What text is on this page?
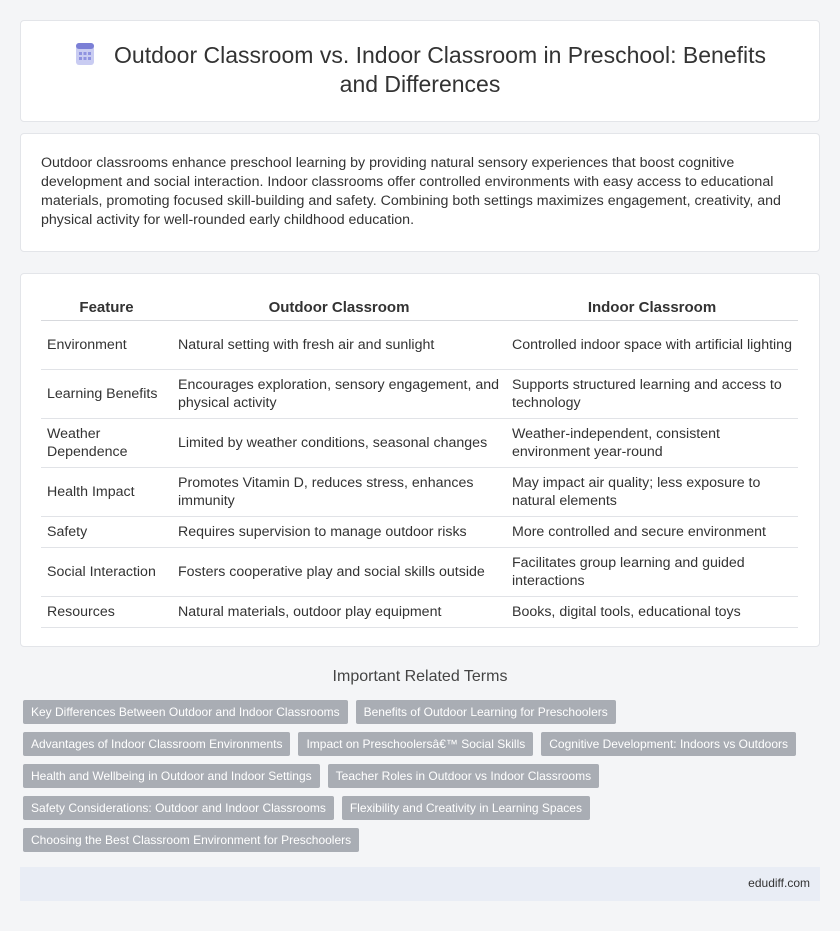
Outdoor Classroom vs. Indoor Classroom in Preschool: Benefits and Differences

Outdoor classrooms enhance preschool learning by providing natural sensory experiences that boost cognitive development and social interaction. Indoor classrooms offer controlled environments with easy access to educational materials, promoting focused skill-building and safety. Combining both settings maximizes engagement, creativity, and physical activity for well-rounded early childhood education.

Feature	Outdoor Classroom	Indoor Classroom
Environment	Natural setting with fresh air and sunlight	Controlled indoor space with artificial lighting
Learning Benefits	Encourages exploration, sensory engagement, and physical activity	Supports structured learning and access to technology
Weather Dependence	Limited by weather conditions, seasonal changes	Weather-independent, consistent environment year-round
Health Impact	Promotes Vitamin D, reduces stress, enhances immunity	May impact air quality; less exposure to natural elements
Safety	Requires supervision to manage outdoor risks	More controlled and secure environment
Social Interaction	Fosters cooperative play and social skills outside	Facilitates group learning and guided interactions
Resources	Natural materials, outdoor play equipment	Books, digital tools, educational toys
Important Related Terms
Key Differences Between Outdoor and Indoor Classrooms	Benefits of Outdoor Learning for Preschoolers
Advantages of Indoor Classroom Environments	Impact on Preschoolersâ€™ Social Skills	Cognitive Development: Indoors vs Outdoors
Health and Wellbeing in Outdoor and Indoor Settings	Teacher Roles in Outdoor vs Indoor Classrooms
Safety Considerations: Outdoor and Indoor Classrooms	Flexibility and Creativity in Learning Spaces
Choosing the Best Classroom Environment for Preschoolers
edudiff.com
